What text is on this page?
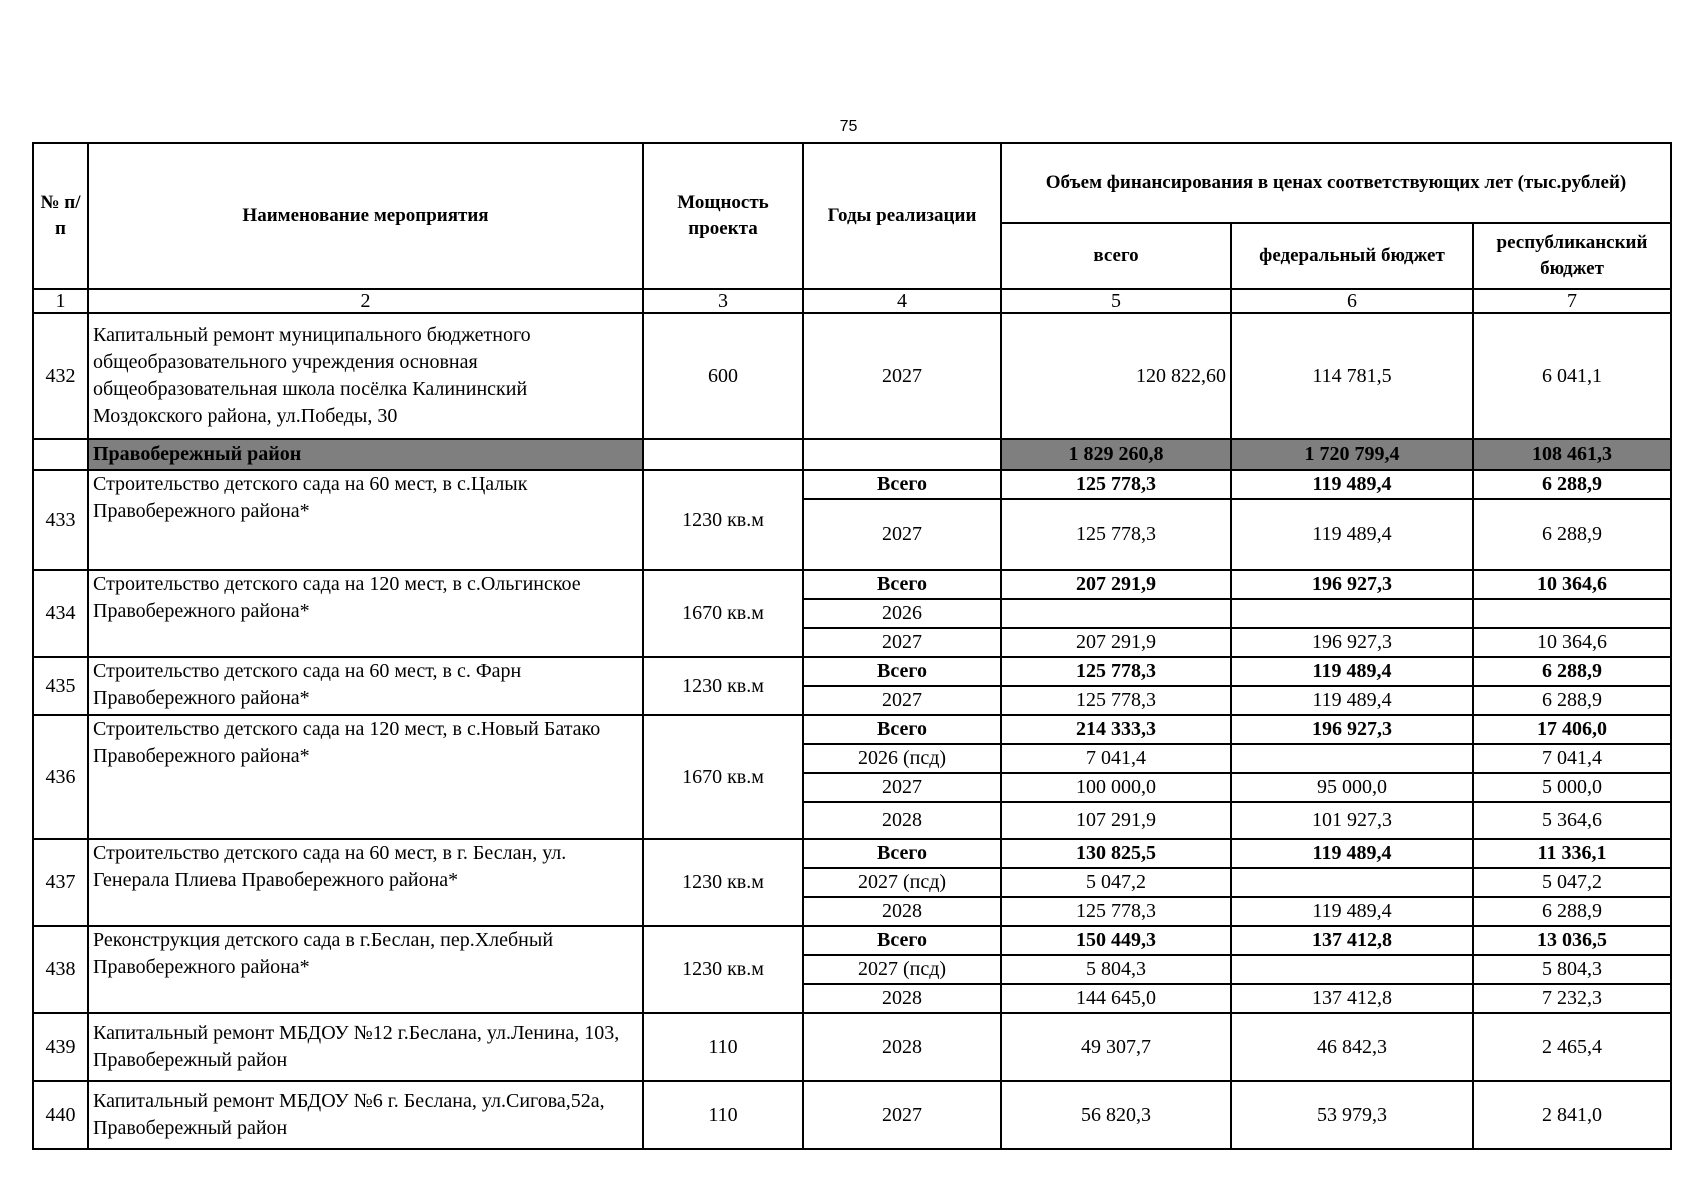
75
№ п/п	Наименование мероприятия	Мощность проекта	Годы реализации	Объем финансирования в ценах соответствующих лет (тыс.рублей)		
				всего	федеральный бюджет	республиканский бюджет
1	2	3	4	5	6	7
432	Капитальный ремонт муниципального бюджетного общеобразовательного учреждения основная общеобразовательная школа посёлка Калининский Моздокского района, ул.Победы, 30	600	2027	120 822,60	114 781,5	6 041,1
	Правобережный район			1 829 260,8	1 720 799,4	108 461,3
433	Строительство детского сада на 60 мест, в с.Цалык Правобережного района*	1230 кв.м	Всего	125 778,3	119 489,4	6 288,9
			2027	125 778,3	119 489,4	6 288,9
434	Строительство детского сада на 120 мест, в с.Ольгинское Правобережного района*	1670 кв.м	Всего	207 291,9	196 927,3	10 364,6
			2026			
			2027	207 291,9	196 927,3	10 364,6
435	Строительство детского сада на 60 мест, в с. Фарн Правобережного района*	1230 кв.м	Всего	125 778,3	119 489,4	6 288,9
			2027	125 778,3	119 489,4	6 288,9
436	Строительство детского сада на 120 мест, в с.Новый Батако Правобережного района*	1670 кв.м	Всего	214 333,3	196 927,3	17 406,0
			2026 (псд)	7 041,4		7 041,4
			2027	100 000,0	95 000,0	5 000,0
			2028	107 291,9	101 927,3	5 364,6
437	Строительство детского сада на 60 мест, в г. Беслан, ул. Генерала Плиева Правобережного района*	1230 кв.м	Всего	130 825,5	119 489,4	11 336,1
			2027 (псд)	5 047,2		5 047,2
			2028	125 778,3	119 489,4	6 288,9
438	Реконструкция детского сада в г.Беслан, пер.Хлебный Правобережного района*	1230 кв.м	Всего	150 449,3	137 412,8	13 036,5
			2027 (псд)	5 804,3		5 804,3
			2028	144 645,0	137 412,8	7 232,3
439	Капитальный ремонт МБДОУ №12 г.Беслана, ул.Ленина, 103, Правобережный район	110	2028	49 307,7	46 842,3	2 465,4
440	Капитальный ремонт МБДОУ №6 г. Беслана, ул.Сигова,52а, Правобережный район	110	2027	56 820,3	53 979,3	2 841,0
